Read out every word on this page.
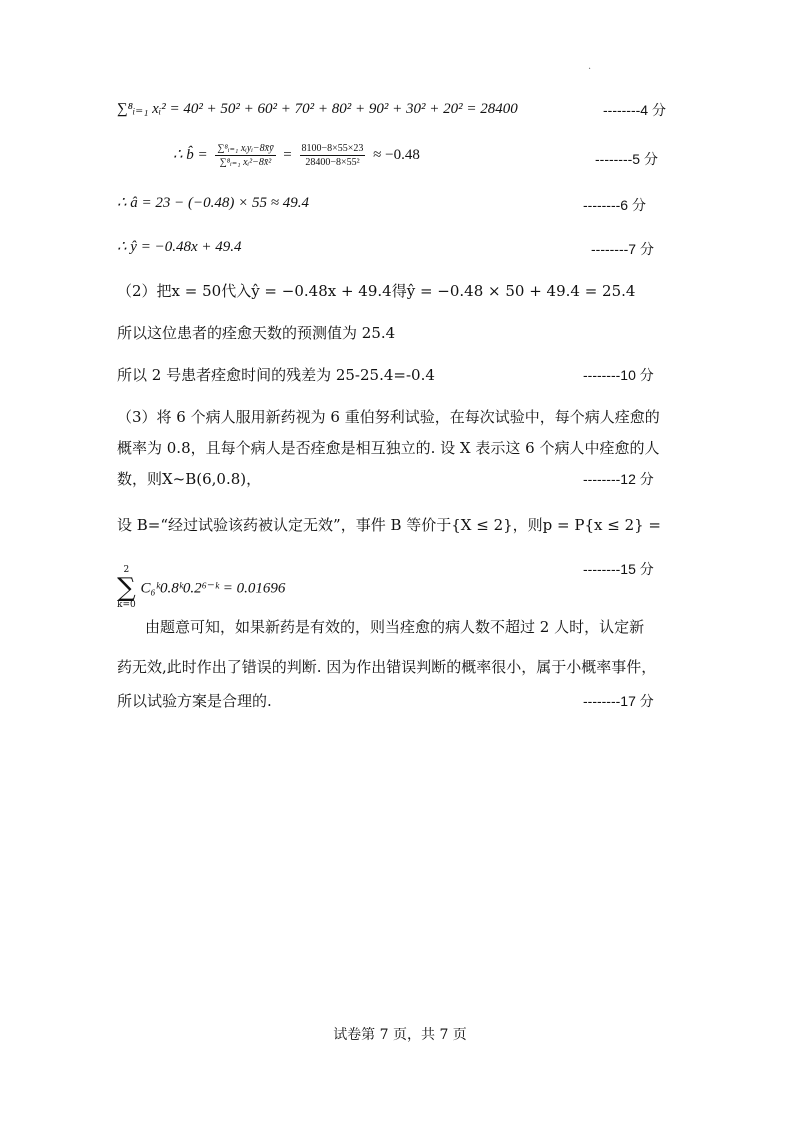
·
∑⁸ᵢ₌₁ xᵢ² = 40² + 50² + 60² + 70² + 80² + 90² + 30² + 20² = 28400	--------4 分
∴ b̂ = $\frac{\text{∑⁸ᵢ₌₁ xᵢyᵢ−8x̄ȳ}}{\text{∑⁸ᵢ₌₁ xᵢ²−8x̄²}} = \frac{8100-8\times 55\times 23}{\text{28400−8×55²}} \approx -0.48$	--------5 分
∴ â = 23 − (−0.48) × 55 ≈ 49.4	--------6 分
∴ ŷ = −0.48x + 49.4	--------7 分
（2）把x = 50代入ŷ = −0.48x + 49.4得ŷ = −0.48 × 50 + 49.4 = 25.4
所以这位患者的痊愈天数的预测值为 25.4
所以 2 号患者痊愈时间的残差为 25-25.4=-0.4	--------10 分
（3）将 6 个病人服用新药视为 6 重伯努利试验，在每次试验中，每个病人痊愈的
概率为 0.8，且每个病人是否痊愈是相互独立的. 设 X 表示这 6 个病人中痊愈的人
数，则X~B(6,0.8)，	--------12 分
设 B=“经过试验该药被认定无效”，事件 B 等价于{X ≤ 2}，则p = P{x ≤ 2} =
--------15 分
2
∑
k=0
C₆ᵏ0.8ᵏ0.2⁶⁻ᵏ = 0.01696
由题意可知，如果新药是有效的，则当痊愈的病人数不超过 2 人时，认定新
药无效,此时作出了错误的判断. 因为作出错误判断的概率很小，属于小概率事件，
所以试验方案是合理的.	--------17 分
试卷第 7 页，共 7 页
